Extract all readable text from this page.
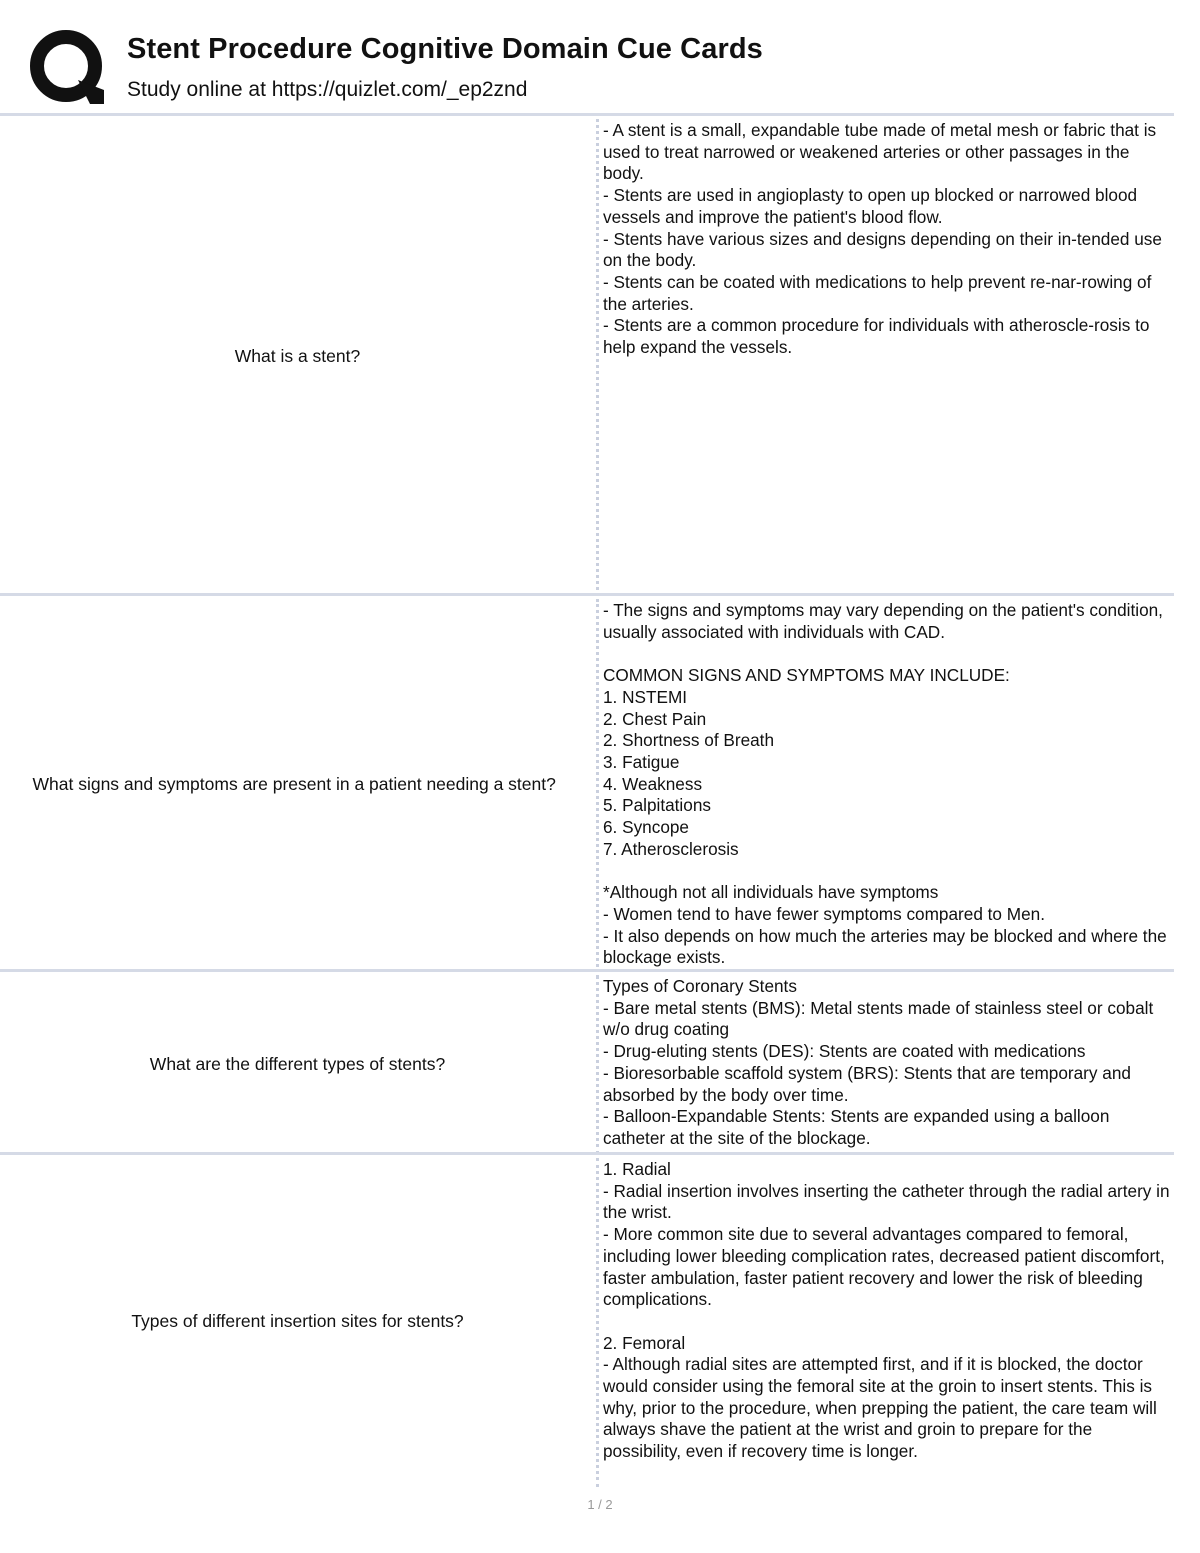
Stent Procedure Cognitive Domain Cue Cards
Study online at https://quizlet.com/_ep2znd
What is a stent?
- A stent is a small, expandable tube made of metal mesh or fabric that is used to treat narrowed or weakened arteries or other passages in the body.
- Stents are used in angioplasty to open up blocked or narrowed blood vessels and improve the patient's blood flow.
- Stents have various sizes and designs depending on their in-tended use on the body.
- Stents can be coated with medications to help prevent re-nar-rowing of the arteries.
- Stents are a common procedure for individuals with atheroscle-rosis to help expand the vessels.
What signs and symptoms are present in a patient needing a stent?
- The signs and symptoms may vary depending on the patient's condition, usually associated with individuals with CAD.

COMMON SIGNS AND SYMPTOMS MAY INCLUDE:
1. NSTEMI
2. Chest Pain
2. Shortness of Breath
3. Fatigue
4. Weakness
5. Palpitations
6. Syncope
7. Atherosclerosis

*Although not all individuals have symptoms
- Women tend to have fewer symptoms compared to Men.
- It also depends on how much the arteries may be blocked and where the blockage exists.
What are the different types of stents?
Types of Coronary Stents
- Bare metal stents (BMS): Metal stents made of stainless steel or cobalt w/o drug coating
- Drug-eluting stents (DES): Stents are coated with medications
- Bioresorbable scaffold system (BRS): Stents that are temporary and absorbed by the body over time.
- Balloon-Expandable Stents: Stents are expanded using a balloon catheter at the site of the blockage.
Types of different insertion sites for stents?
1. Radial
- Radial insertion involves inserting the catheter through the radial artery in the wrist.
- More common site due to several advantages compared to femoral, including lower bleeding complication rates, decreased patient discomfort, faster ambulation, faster patient recovery and lower the risk of bleeding complications.

2. Femoral
- Although radial sites are attempted first, and if it is blocked, the doctor would consider using the femoral site at the groin to insert stents. This is why, prior to the procedure, when prepping the patient, the care team will always shave the patient at the wrist and groin to prepare for the possibility, even if recovery time is longer.
1 / 2
